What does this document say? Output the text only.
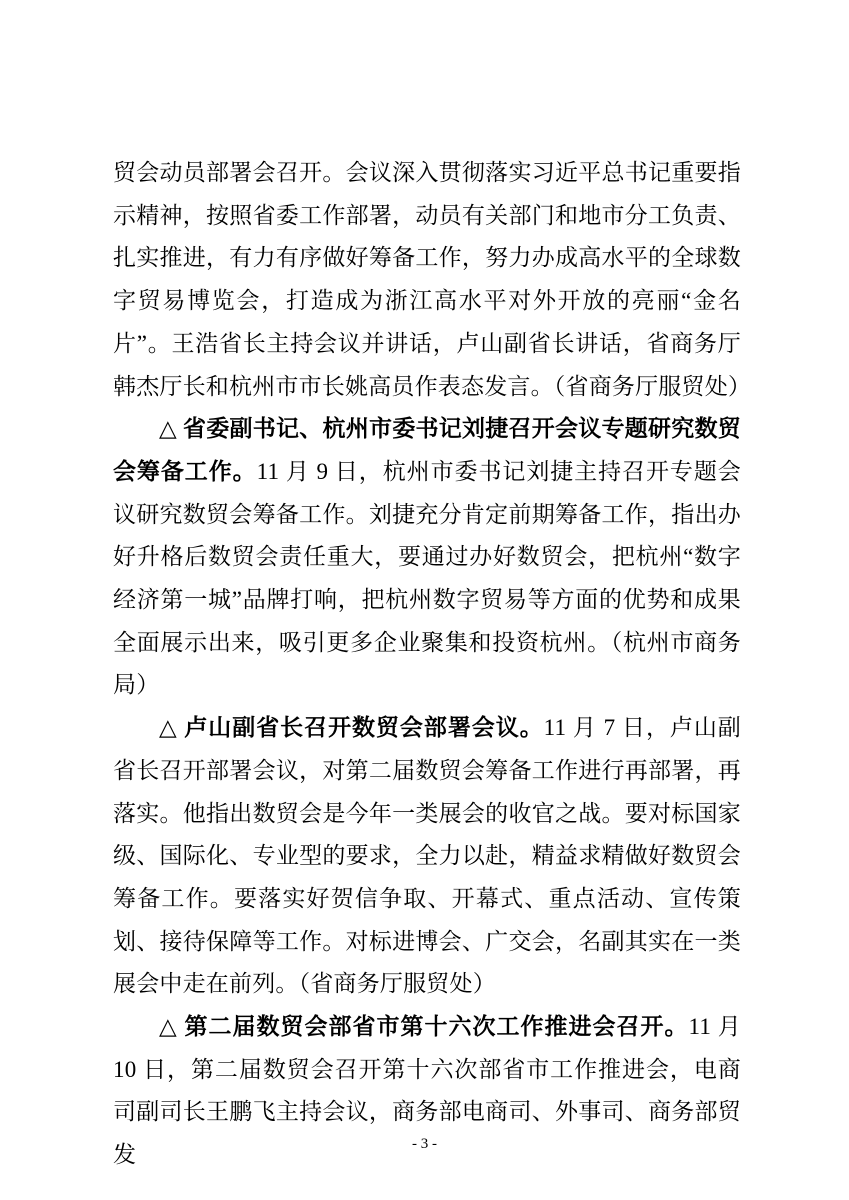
贸会动员部署会召开。会议深入贯彻落实习近平总书记重要指示精神，按照省委工作部署，动员有关部门和地市分工负责、扎实推进，有力有序做好筹备工作，努力办成高水平的全球数字贸易博览会，打造成为浙江高水平对外开放的亮丽“金名片”。王浩省长主持会议并讲话，卢山副省长讲话，省商务厅韩杰厅长和杭州市市长姚高员作表态发言。（省商务厅服贸处）

△ 省委副书记、杭州市委书记刘捷召开会议专题研究数贸会筹备工作。11 月 9 日，杭州市委书记刘捷主持召开专题会议研究数贸会筹备工作。刘捷充分肯定前期筹备工作，指出办好升格后数贸会责任重大，要通过办好数贸会，把杭州“数字经济第一城”品牌打响，把杭州数字贸易等方面的优势和成果全面展示出来，吸引更多企业聚集和投资杭州。（杭州市商务局）

△ 卢山副省长召开数贸会部署会议。11 月 7 日，卢山副省长召开部署会议，对第二届数贸会筹备工作进行再部署，再落实。他指出数贸会是今年一类展会的收官之战。要对标国家级、国际化、专业型的要求，全力以赴，精益求精做好数贸会筹备工作。要落实好贺信争取、开幕式、重点活动、宣传策划、接待保障等工作。对标进博会、广交会，名副其实在一类展会中走在前列。（省商务厅服贸处）

△ 第二届数贸会部省市第十六次工作推进会召开。11 月 10 日，第二届数贸会召开第十六次部省市工作推进会，电商司副司长王鹏飞主持会议，商务部电商司、外事司、商务部贸发	- 3 -
